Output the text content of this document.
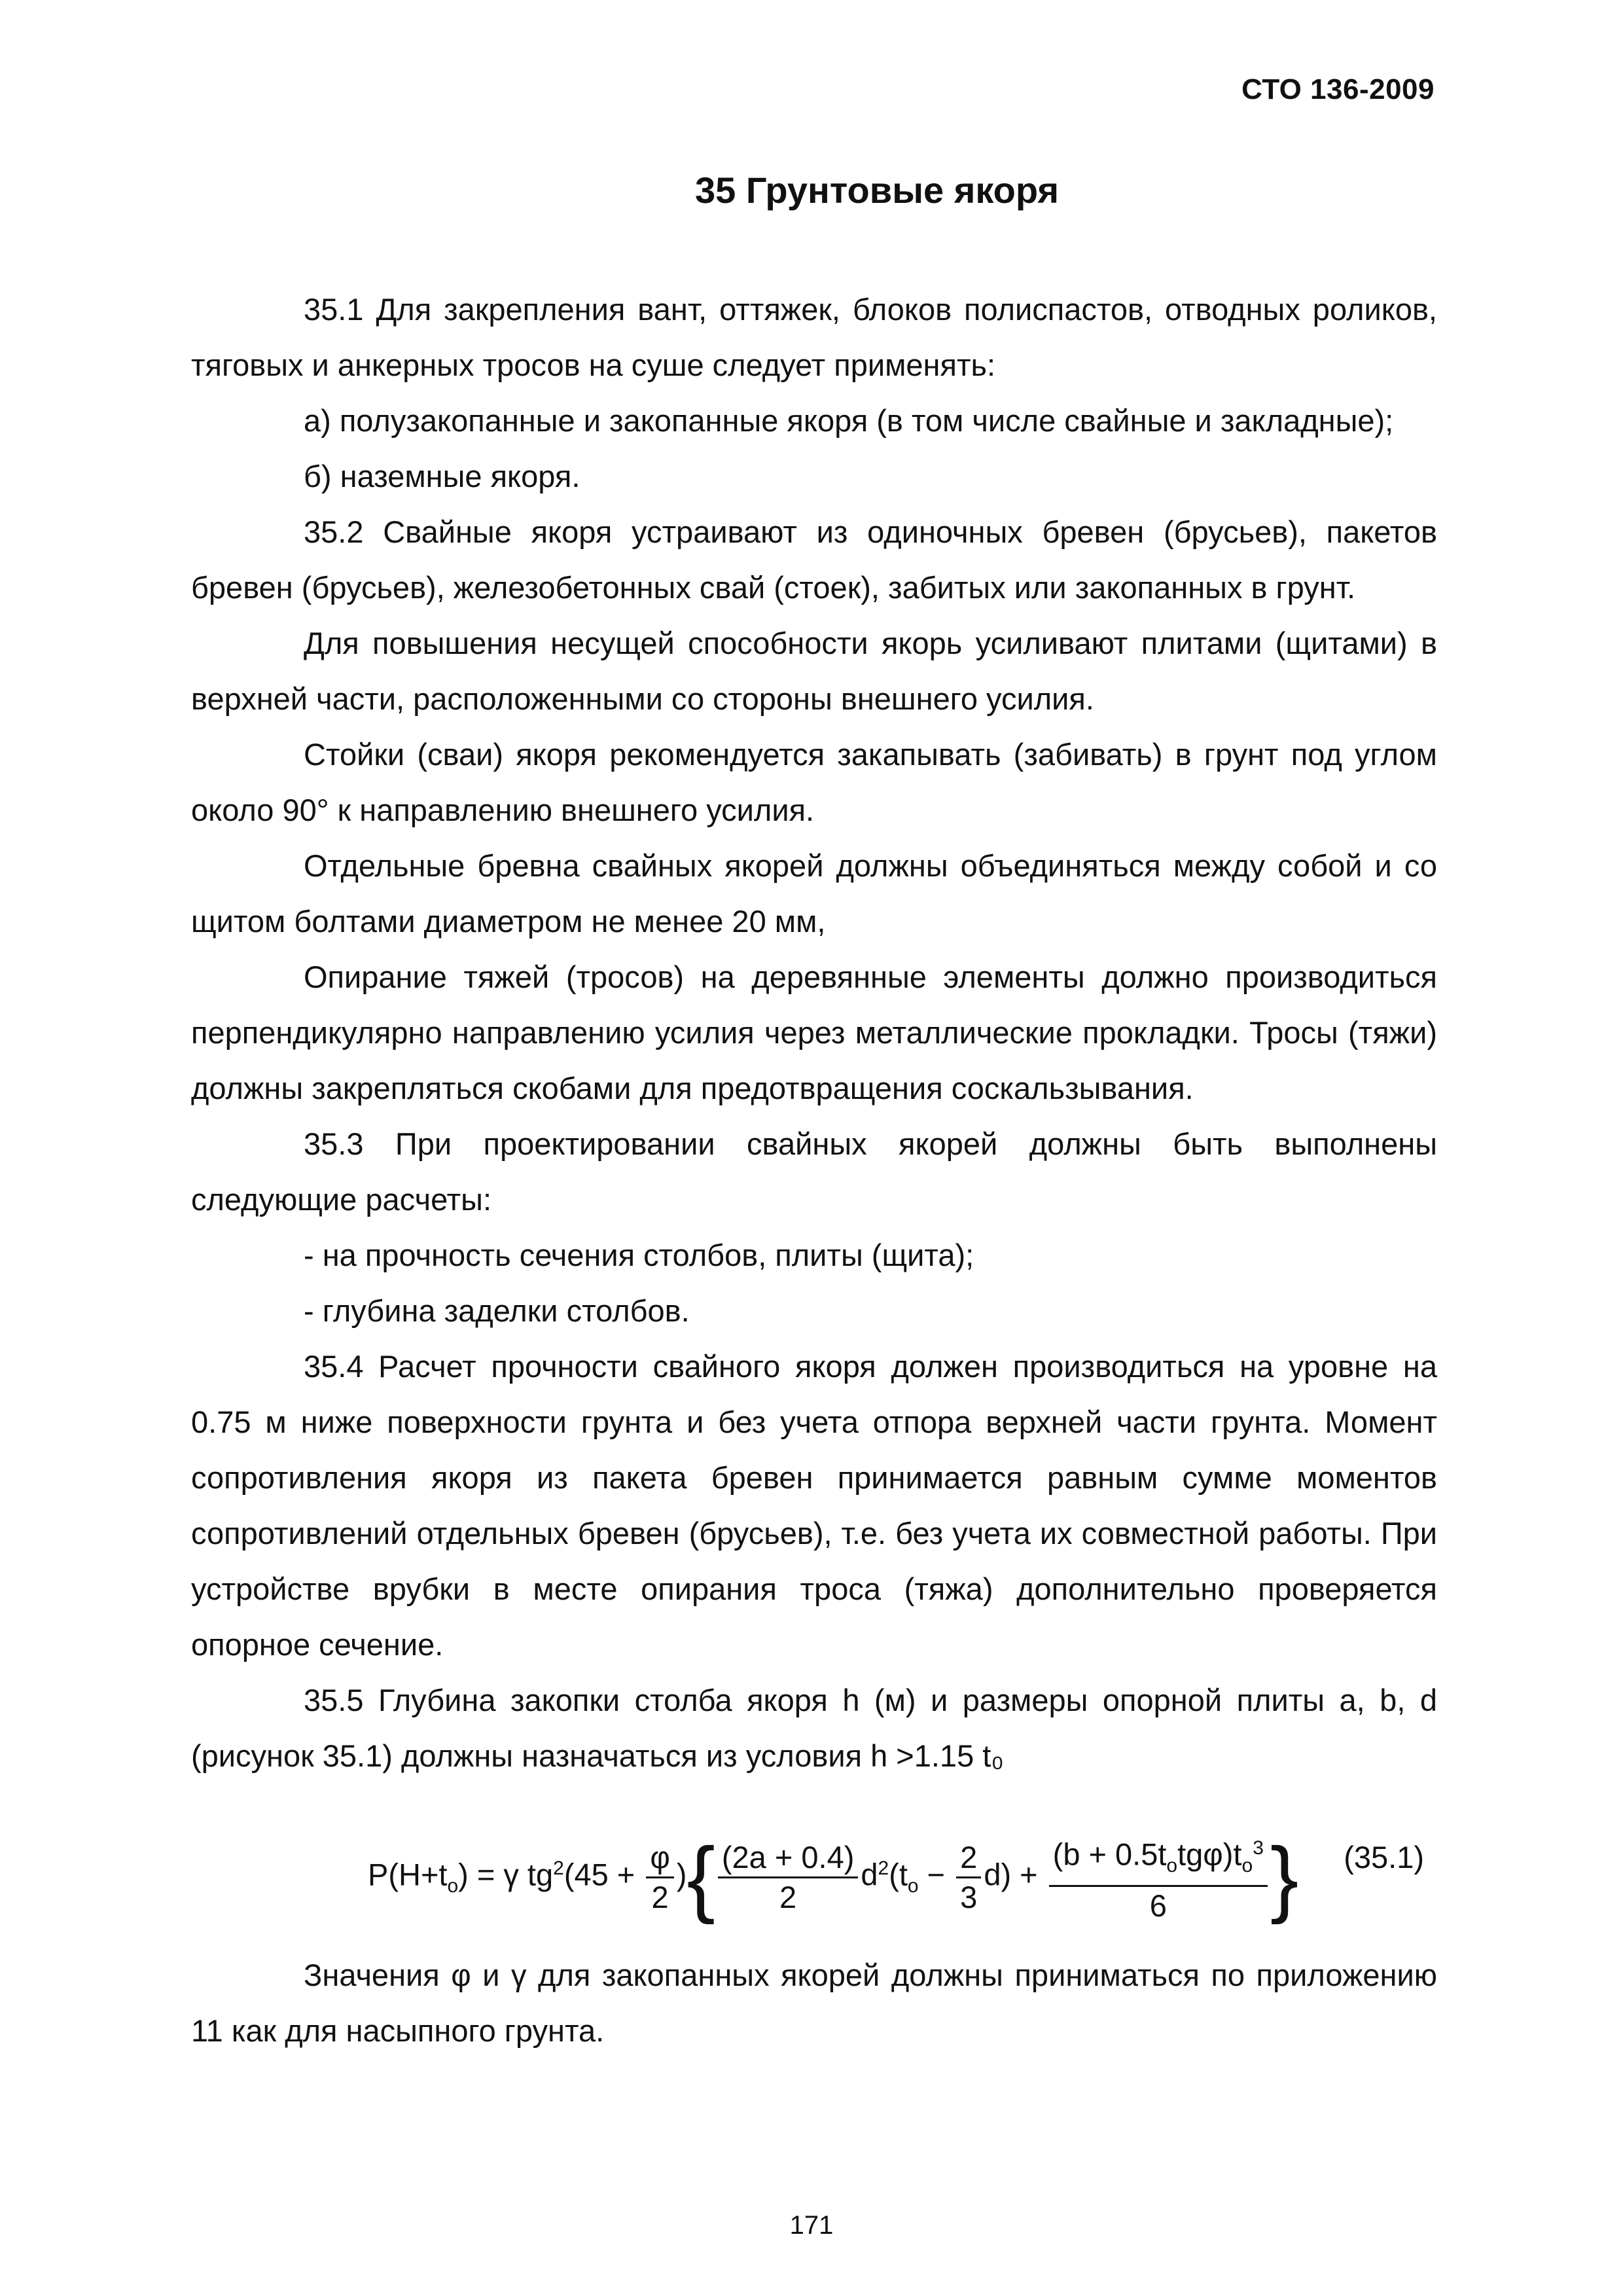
СТО 136-2009
35 Грунтовые якоря

35.1 Для закрепления вант, оттяжек, блоков полиспастов, отводных роликов, тяговых и анкерных тросов на суше следует применять:

а) полузакопанные и закопанные якоря (в том числе свайные и закладные);

б) наземные якоря.

35.2 Свайные якоря устраивают из одиночных бревен (брусьев), пакетов бревен (брусьев), железобетонных свай (стоек), забитых или закопанных в грунт.

Для повышения несущей способности якорь усиливают плитами (щитами) в верхней части, расположенными со стороны внешнего усилия.

Стойки (сваи) якоря рекомендуется закапывать (забивать) в грунт под углом около 90° к направлению внешнего усилия.

Отдельные бревна свайных якорей должны объединяться между собой и со щитом болтами диаметром не менее 20 мм,

Опирание тяжей (тросов) на деревянные элементы должно производиться перпендикулярно направлению усилия через металлические прокладки. Тросы (тяжи) должны закрепляться скобами для предотвращения соскальзывания.

35.3 При проектировании свайных якорей должны быть выполнены следующие расчеты:

- на прочность сечения столбов, плиты (щита);

- глубина заделки столбов.

35.4 Расчет прочности свайного якоря должен производиться на уровне на 0.75 м ниже поверхности грунта и без учета отпора верхней части грунта. Момент сопротивления якоря из пакета бревен принимается равным сумме моментов сопротивлений отдельных бревен (брусьев), т.е. без учета их совместной работы. При устройстве врубки в месте опирания троса (тяжа) дополнительно проверяется опорное сечение.

35.5 Глубина закопки столба якоря h (м) и размеры опорной плиты a, b, d (рисунок 35.1) должны назначаться из условия h >1.15 t₀

$P(H+t_o) = \gamma$ $tg^2(45 + \frac{\varphi}{2}$ ){ $\frac{(2a + 0.4)}{2} d^2(t_o - \frac{2}{3} d) + \frac{(b + 0.5t_otg\varphi)t_o^3}{6}$ } (35.1)

Значения φ и γ для закопанных якорей должны приниматься по приложению 11 как для насыпного грунта.

171
